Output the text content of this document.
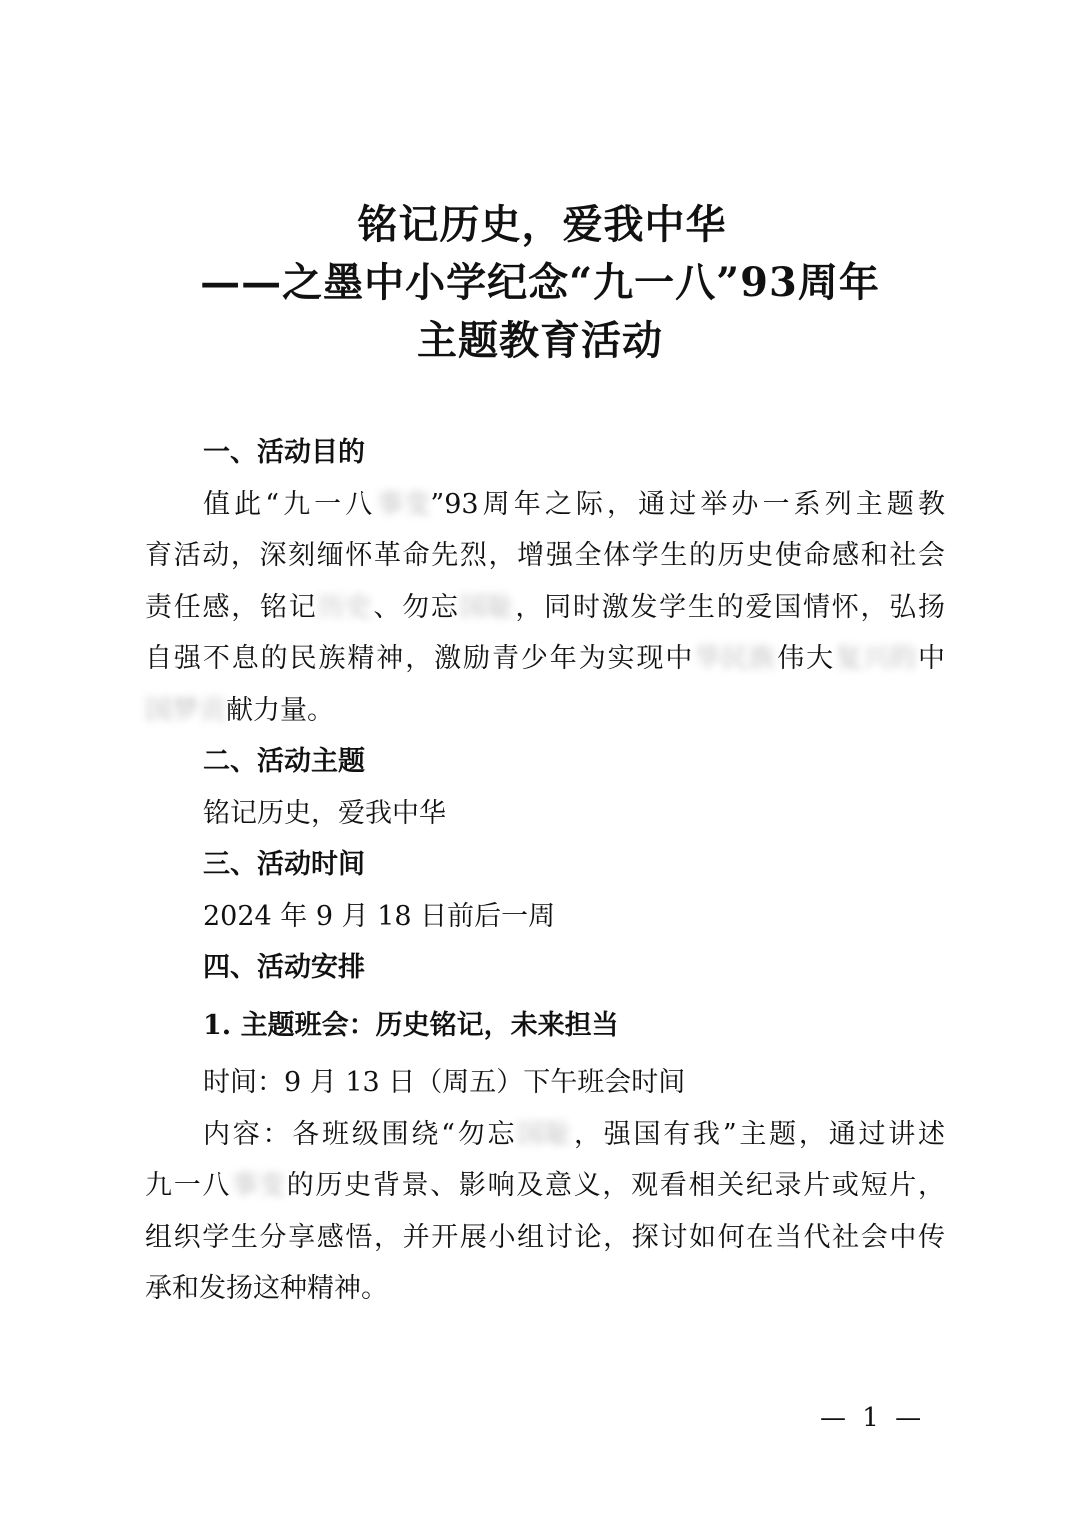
铭记历史，爱我中华
——之墨中小学纪念“九一八”93周年
主题教育活动
一、活动目的
值此“九一八事变”93周年之际，通过举办一系列主题教
育活动，深刻缅怀革命先烈，增强全体学生的历史使命感和社会
责任感，铭记历史、勿忘国耻，同时激发学生的爱国情怀，弘扬
自强不息的民族精神，激励青少年为实现中华民族伟大复兴的中
国梦贡献力量。
二、活动主题
铭记历史，爱我中华
三、活动时间
2024 年 9 月 18 日前后一周
四、活动安排
1. 主题班会：历史铭记，未来担当
时间：9 月 13 日（周五）下午班会时间
内容：各班级围绕“勿忘国耻，强国有我”主题，通过讲述
九一八事变的历史背景、影响及意义，观看相关纪录片或短片，
组织学生分享感悟，并开展小组讨论，探讨如何在当代社会中传
承和发扬这种精神。
— 1 —
